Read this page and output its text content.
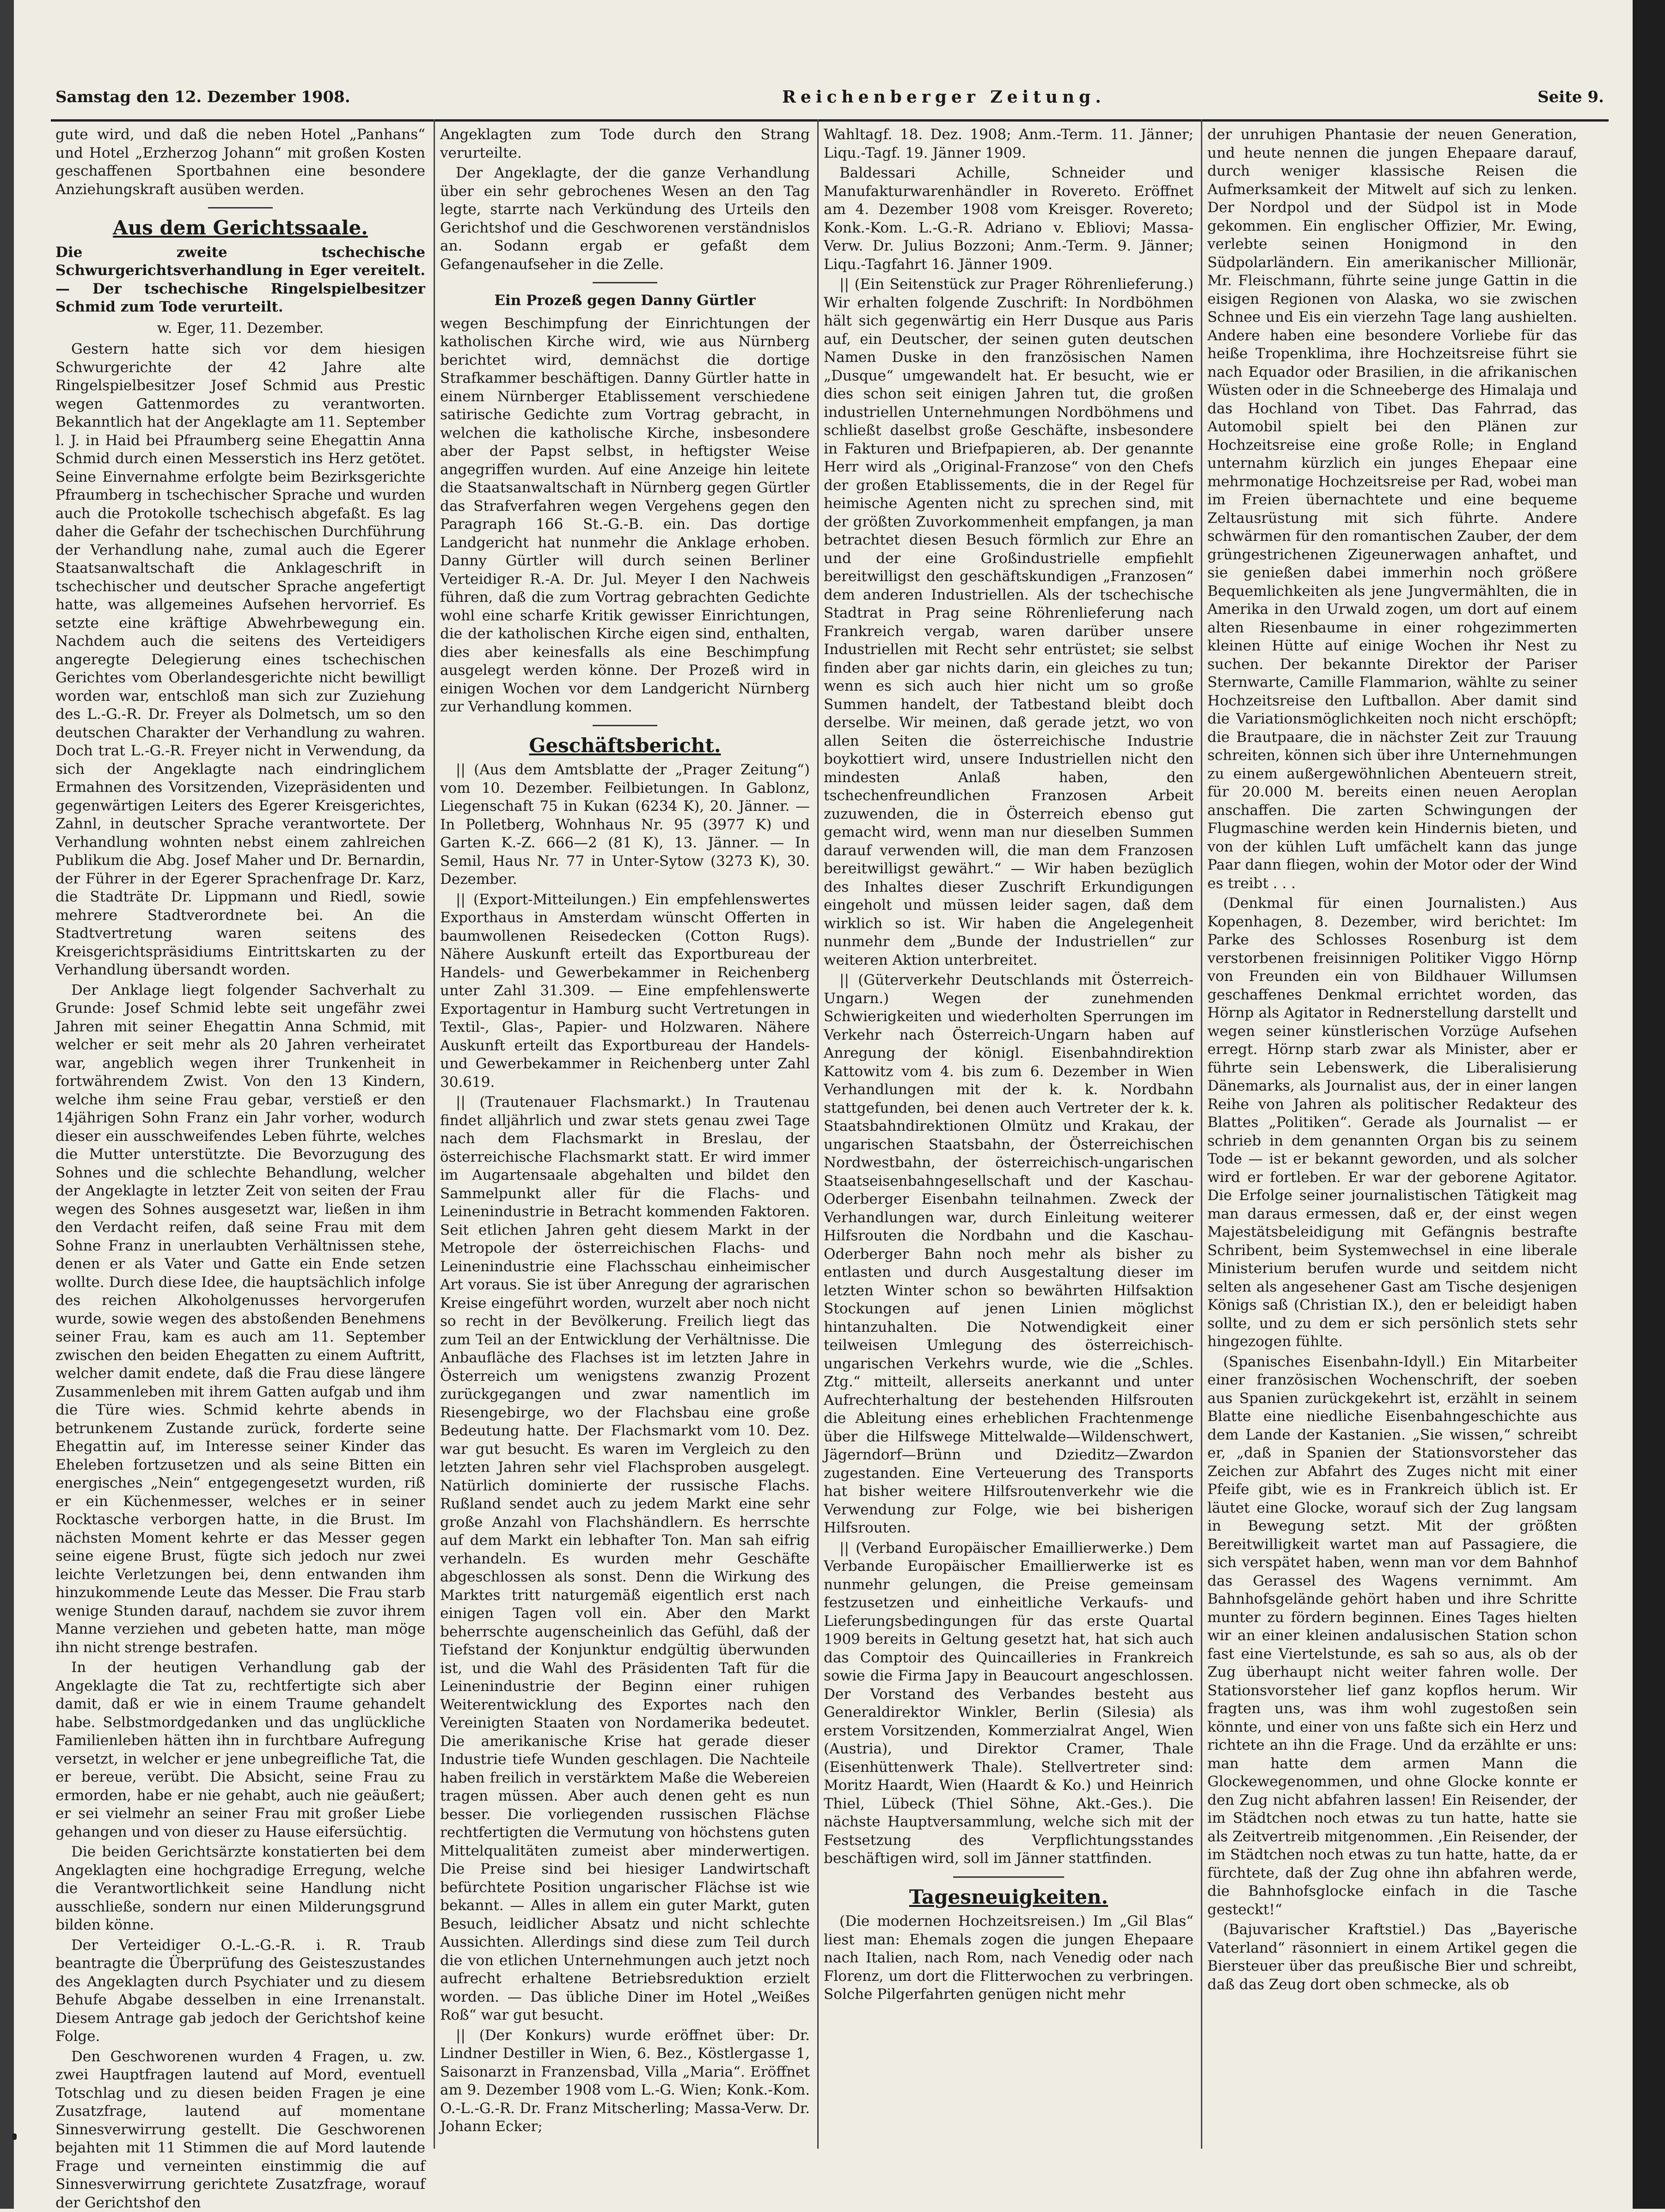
Samstag den 12. Dezember 1908.	Reichenberger Zeitung.	Seite 9.

gute wird, und daß die neben Hotel „Panhans“ und Hotel „Erzherzog Johann“ mit großen Kosten geschaffenen Sportbahnen eine besondere Anziehungskraft ausüben werden.

Aus dem Gerichtssaale.

Die zweite tschechische Schwurgerichtsverhandlung in Eger vereitelt. — Der tschechische Ringelspielbesitzer Schmid zum Tode verurteilt.

w. Eger, 11. Dezember.

Gestern hatte sich vor dem hiesigen Schwurgerichte der 42 Jahre alte Ringelspielbesitzer Josef Schmid aus Prestic wegen Gattenmordes zu verantworten. Bekanntlich hat der Angeklagte am 11. September l. J. in Haid bei Pfraumberg seine Ehegattin Anna Schmid durch einen Messerstich ins Herz getötet. Seine Einvernahme erfolgte beim Bezirksgerichte Pfraumberg in tschechischer Sprache und wurden auch die Protokolle tschechisch abgefaßt. Es lag daher die Gefahr der tschechischen Durchführung der Verhandlung nahe, zumal auch die Egerer Staatsanwaltschaft die Anklageschrift in tschechischer und deutscher Sprache angefertigt hatte, was allgemeines Aufsehen hervorrief. Es setzte eine kräftige Abwehrbewegung ein. Nachdem auch die seitens des Verteidigers angeregte Delegierung eines tschechischen Gerichtes vom Oberlandesgerichte nicht bewilligt worden war, entschloß man sich zur Zuziehung des L.-G.-R. Dr. Freyer als Dolmetsch, um so den deutschen Charakter der Verhandlung zu wahren. Doch trat L.-G.-R. Freyer nicht in Verwendung, da sich der Angeklagte nach eindringlichem Ermahnen des Vorsitzenden, Vizepräsidenten und gegenwärtigen Leiters des Egerer Kreisgerichtes, Zahnl, in deutscher Sprache verantwortete. Der Verhandlung wohnten nebst einem zahlreichen Publikum die Abg. Josef Maher und Dr. Bernardin, der Führer in der Egerer Sprachenfrage Dr. Karz, die Stadträte Dr. Lippmann und Riedl, sowie mehrere Stadtverordnete bei. An die Stadtvertretung waren seitens des Kreisgerichtspräsidiums Eintrittskarten zu der Verhandlung übersandt worden.

Der Anklage liegt folgender Sachverhalt zu Grunde: Josef Schmid lebte seit ungefähr zwei Jahren mit seiner Ehegattin Anna Schmid, mit welcher er seit mehr als 20 Jahren verheiratet war, angeblich wegen ihrer Trunkenheit in fortwährendem Zwist. Von den 13 Kindern, welche ihm seine Frau gebar, verstieß er den 14jährigen Sohn Franz ein Jahr vorher, wodurch dieser ein ausschweifendes Leben führte, welches die Mutter unterstützte. Die Bevorzugung des Sohnes und die schlechte Behandlung, welcher der Angeklagte in letzter Zeit von seiten der Frau wegen des Sohnes ausgesetzt war, ließen in ihm den Verdacht reifen, daß seine Frau mit dem Sohne Franz in unerlaubten Verhältnissen stehe, denen er als Vater und Gatte ein Ende setzen wollte. Durch diese Idee, die hauptsächlich infolge des reichen Alkoholgenusses hervorgerufen wurde, sowie wegen des abstoßenden Benehmens seiner Frau, kam es auch am 11. September zwischen den beiden Ehegatten zu einem Auftritt, welcher damit endete, daß die Frau diese längere Zusammenleben mit ihrem Gatten aufgab und ihm die Türe wies. Schmid kehrte abends in betrunkenem Zustande zurück, forderte seine Ehegattin auf, im Interesse seiner Kinder das Eheleben fortzusetzen und als seine Bitten ein energisches „Nein“ entgegengesetzt wurden, riß er ein Küchenmesser, welches er in seiner Rocktasche verborgen hatte, in die Brust. Im nächsten Moment kehrte er das Messer gegen seine eigene Brust, fügte sich jedoch nur zwei leichte Verletzungen bei, denn entwanden ihm hinzukommende Leute das Messer. Die Frau starb wenige Stunden darauf, nachdem sie zuvor ihrem Manne verziehen und gebeten hatte, man möge ihn nicht strenge bestrafen.

In der heutigen Verhandlung gab der Angeklagte die Tat zu, rechtfertigte sich aber damit, daß er wie in einem Traume gehandelt habe. Selbstmordgedanken und das unglückliche Familienleben hätten ihn in furchtbare Aufregung versetzt, in welcher er jene unbegreifliche Tat, die er bereue, verübt. Die Absicht, seine Frau zu ermorden, habe er nie gehabt, auch nie geäußert; er sei vielmehr an seiner Frau mit großer Liebe gehangen und von dieser zu Hause eifersüchtig.

Die beiden Gerichtsärzte konstatierten bei dem Angeklagten eine hochgradige Erregung, welche die Verantwortlichkeit seine Handlung nicht ausschließe, sondern nur einen Milderungsgrund bilden könne.

Der Verteidiger O.-L.-G.-R. i. R. Traub beantragte die Überprüfung des Geisteszustandes des Angeklagten durch Psychiater und zu diesem Behufe Abgabe desselben in eine Irrenanstalt. Diesem Antrage gab jedoch der Gerichtshof keine Folge.

Den Geschworenen wurden 4 Fragen, u. zw. zwei Hauptfragen lautend auf Mord, eventuell Totschlag und zu diesen beiden Fragen je eine Zusatzfrage, lautend auf momentane Sinnesverwirrung gestellt. Die Geschworenen bejahten mit 11 Stimmen die auf Mord lautende Frage und verneinten einstimmig die auf Sinnesverwirrung gerichtete Zusatzfrage, worauf der Gerichtshof den

Angeklagten zum Tode durch den Strang verurteilte.

Der Angeklagte, der die ganze Verhandlung über ein sehr gebrochenes Wesen an den Tag legte, starrte nach Verkündung des Urteils den Gerichtshof und die Geschworenen verständnislos an. Sodann ergab er gefaßt dem Gefangenaufseher in die Zelle.

Ein Prozeß gegen Danny Gürtler

wegen Beschimpfung der Einrichtungen der katholischen Kirche wird, wie aus Nürnberg berichtet wird, demnächst die dortige Strafkammer beschäftigen. Danny Gürtler hatte in einem Nürnberger Etablissement verschiedene satirische Gedichte zum Vortrag gebracht, in welchen die katholische Kirche, insbesondere aber der Papst selbst, in heftigster Weise angegriffen wurden. Auf eine Anzeige hin leitete die Staatsanwaltschaft in Nürnberg gegen Gürtler das Strafverfahren wegen Vergehens gegen den Paragraph 166 St.-G.-B. ein. Das dortige Landgericht hat nunmehr die Anklage erhoben. Danny Gürtler will durch seinen Berliner Verteidiger R.-A. Dr. Jul. Meyer I den Nachweis führen, daß die zum Vortrag gebrachten Gedichte wohl eine scharfe Kritik gewisser Einrichtungen, die der katholischen Kirche eigen sind, enthalten, dies aber keinesfalls als eine Beschimpfung ausgelegt werden könne. Der Prozeß wird in einigen Wochen vor dem Landgericht Nürnberg zur Verhandlung kommen.

Geschäftsbericht.

|| (Aus dem Amtsblatte der „Prager Zeitung“) vom 10. Dezember. Feilbietungen. In Gablonz, Liegenschaft 75 in Kukan (6234 K), 20. Jänner. — In Polletberg, Wohnhaus Nr. 95 (3977 K) und Garten K.-Z. 666—2 (81 K), 13. Jänner. — In Semil, Haus Nr. 77 in Unter-Sytow (3273 K), 30. Dezember.

|| (Export-Mitteilungen.) Ein empfehlenswertes Exporthaus in Amsterdam wünscht Offerten in baumwollenen Reisedecken (Cotton Rugs). Nähere Auskunft erteilt das Exportbureau der Handels- und Gewerbekammer in Reichenberg unter Zahl 31.309. — Eine empfehlenswerte Exportagentur in Hamburg sucht Vertretungen in Textil-, Glas-, Papier- und Holzwaren. Nähere Auskunft erteilt das Exportbureau der Handels- und Gewerbekammer in Reichenberg unter Zahl 30.619.

|| (Trautenauer Flachsmarkt.) In Trautenau findet alljährlich und zwar stets genau zwei Tage nach dem Flachsmarkt in Breslau, der österreichische Flachsmarkt statt. Er wird immer im Augartensaale abgehalten und bildet den Sammelpunkt aller für die Flachs- und Leinenindustrie in Betracht kommenden Faktoren. Seit etlichen Jahren geht diesem Markt in der Metropole der österreichischen Flachs- und Leinenindustrie eine Flachsschau einheimischer Art voraus. Sie ist über Anregung der agrarischen Kreise eingeführt worden, wurzelt aber noch nicht so recht in der Bevölkerung. Freilich liegt das zum Teil an der Entwicklung der Verhältnisse. Die Anbaufläche des Flachses ist im letzten Jahre in Österreich um wenigstens zwanzig Prozent zurückgegangen und zwar namentlich im Riesengebirge, wo der Flachsbau eine große Bedeutung hatte. Der Flachsmarkt vom 10. Dez. war gut besucht. Es waren im Vergleich zu den letzten Jahren sehr viel Flachsproben ausgelegt. Natürlich dominierte der russische Flachs. Rußland sendet auch zu jedem Markt eine sehr große Anzahl von Flachshändlern. Es herrschte auf dem Markt ein lebhafter Ton. Man sah eifrig verhandeln. Es wurden mehr Geschäfte abgeschlossen als sonst. Denn die Wirkung des Marktes tritt naturgemäß eigentlich erst nach einigen Tagen voll ein. Aber den Markt beherrschte augenscheinlich das Gefühl, daß der Tiefstand der Konjunktur endgültig überwunden ist, und die Wahl des Präsidenten Taft für die Leinenindustrie der Beginn einer ruhigen Weiterentwicklung des Exportes nach den Vereinigten Staaten von Nordamerika bedeutet. Die amerikanische Krise hat gerade dieser Industrie tiefe Wunden geschlagen. Die Nachteile haben freilich in verstärktem Maße die Webereien tragen müssen. Aber auch denen geht es nun besser. Die vorliegenden russischen Flächse rechtfertigten die Vermutung von höchstens guten Mittelqualitäten zumeist aber minderwertigen. Die Preise sind bei hiesiger Landwirtschaft befürchtete Position ungarischer Flächse ist wie bekannt. — Alles in allem ein guter Markt, guten Besuch, leidlicher Absatz und nicht schlechte Aussichten. Allerdings sind diese zum Teil durch die von etlichen Unternehmungen auch jetzt noch aufrecht erhaltene Betriebsreduktion erzielt worden. — Das übliche Diner im Hotel „Weißes Roß“ war gut besucht.

|| (Der Konkurs) wurde eröffnet über: Dr. Lindner Destiller in Wien, 6. Bez., Köstlergasse 1, Saisonarzt in Franzensbad, Villa „Maria“. Eröffnet am 9. Dezember 1908 vom L.-G. Wien; Konk.-Kom. O.-L.-G.-R. Dr. Franz Mitscherling; Massa-Verw. Dr. Johann Ecker;

Wahltagf. 18. Dez. 1908; Anm.-Term. 11. Jänner; Liqu.-Tagf. 19. Jänner 1909.

Baldessari Achille, Schneider und Manufakturwarenhändler in Rovereto. Eröffnet am 4. Dezember 1908 vom Kreisger. Rovereto; Konk.-Kom. L.-G.-R. Adriano v. Ebliovi; Massa-Verw. Dr. Julius Bozzoni; Anm.-Term. 9. Jänner; Liqu.-Tagfahrt 16. Jänner 1909.

|| (Ein Seitenstück zur Prager Röhrenlieferung.) Wir erhalten folgende Zuschrift: In Nordböhmen hält sich gegenwärtig ein Herr Dusque aus Paris auf, ein Deutscher, der seinen guten deutschen Namen Duske in den französischen Namen „Dusque“ umgewandelt hat. Er besucht, wie er dies schon seit einigen Jahren tut, die großen industriellen Unternehmungen Nordböhmens und schließt daselbst große Geschäfte, insbesondere in Fakturen und Briefpapieren, ab. Der genannte Herr wird als „Original-Franzose“ von den Chefs der großen Etablissements, die in der Regel für heimische Agenten nicht zu sprechen sind, mit der größten Zuvorkommenheit empfangen, ja man betrachtet diesen Besuch förmlich zur Ehre an und der eine Großindustrielle empfiehlt bereitwilligst den geschäftskundigen „Franzosen“ dem anderen Industriellen. Als der tschechische Stadtrat in Prag seine Röhrenlieferung nach Frankreich vergab, waren darüber unsere Industriellen mit Recht sehr entrüstet; sie selbst finden aber gar nichts darin, ein gleiches zu tun; wenn es sich auch hier nicht um so große Summen handelt, der Tatbestand bleibt doch derselbe. Wir meinen, daß gerade jetzt, wo von allen Seiten die österreichische Industrie boykottiert wird, unsere Industriellen nicht den mindesten Anlaß haben, den tschechenfreundlichen Franzosen Arbeit zuzuwenden, die in Österreich ebenso gut gemacht wird, wenn man nur dieselben Summen darauf verwenden will, die man dem Franzosen bereitwilligst gewährt.“ — Wir haben bezüglich des Inhaltes dieser Zuschrift Erkundigungen eingeholt und müssen leider sagen, daß dem wirklich so ist. Wir haben die Angelegenheit nunmehr dem „Bunde der Industriellen“ zur weiteren Aktion unterbreitet.

|| (Güterverkehr Deutschlands mit Österreich-Ungarn.) Wegen der zunehmenden Schwierigkeiten und wiederholten Sperrungen im Verkehr nach Österreich-Ungarn haben auf Anregung der königl. Eisenbahndirektion Kattowitz vom 4. bis zum 6. Dezember in Wien Verhandlungen mit der k. k. Nordbahn stattgefunden, bei denen auch Vertreter der k. k. Staatsbahndirektionen Olmütz und Krakau, der ungarischen Staatsbahn, der Österreichischen Nordwestbahn, der österreichisch-ungarischen Staatseisenbahngesellschaft und der Kaschau-Oderberger Eisenbahn teilnahmen. Zweck der Verhandlungen war, durch Einleitung weiterer Hilfsrouten die Nordbahn und die Kaschau-Oderberger Bahn noch mehr als bisher zu entlasten und durch Ausgestaltung dieser im letzten Winter schon so bewährten Hilfsaktion Stockungen auf jenen Linien möglichst hintanzuhalten. Die Notwendigkeit einer teilweisen Umlegung des österreichisch-ungarischen Verkehrs wurde, wie die „Schles. Ztg.“ mitteilt, allerseits anerkannt und unter Aufrechterhaltung der bestehenden Hilfsrouten die Ableitung eines erheblichen Frachtenmenge über die Hilfswege Mittelwalde—Wildenschwert, Jägerndorf—Brünn und Dzieditz—Zwardon zugestanden. Eine Verteuerung des Transports hat bisher weitere Hilfsroutenverkehr wie die Verwendung zur Folge, wie bei bisherigen Hilfsrouten.

|| (Verband Europäischer Emaillierwerke.) Dem Verbande Europäischer Emaillierwerke ist es nunmehr gelungen, die Preise gemeinsam festzusetzen und einheitliche Verkaufs- und Lieferungsbedingungen für das erste Quartal 1909 bereits in Geltung gesetzt hat, hat sich auch das Comptoir des Quincailleries in Frankreich sowie die Firma Japy in Beaucourt angeschlossen. Der Vorstand des Verbandes besteht aus Generaldirektor Winkler, Berlin (Silesia) als erstem Vorsitzenden, Kommerzialrat Angel, Wien (Austria), und Direktor Cramer, Thale (Eisenhüttenwerk Thale). Stellvertreter sind: Moritz Haardt, Wien (Haardt & Ko.) und Heinrich Thiel, Lübeck (Thiel Söhne, Akt.-Ges.). Die nächste Hauptversammlung, welche sich mit der Festsetzung des Verpflichtungsstandes beschäftigen wird, soll im Jänner stattfinden.

Tagesneuigkeiten.

(Die modernen Hochzeitsreisen.) Im „Gil Blas“ liest man: Ehemals zogen die jungen Ehepaare nach Italien, nach Rom, nach Venedig oder nach Florenz, um dort die Flitterwochen zu verbringen. Solche Pilgerfahrten genügen nicht mehr

der unruhigen Phantasie der neuen Generation, und heute nennen die jungen Ehepaare darauf, durch weniger klassische Reisen die Aufmerksamkeit der Mitwelt auf sich zu lenken. Der Nordpol und der Südpol ist in Mode gekommen. Ein englischer Offizier, Mr. Ewing, verlebte seinen Honigmond in den Südpolarländern. Ein amerikanischer Millionär, Mr. Fleischmann, führte seine junge Gattin in die eisigen Regionen von Alaska, wo sie zwischen Schnee und Eis ein vierzehn Tage lang aushielten. Andere haben eine besondere Vorliebe für das heiße Tropenklima, ihre Hochzeitsreise führt sie nach Equador oder Brasilien, in die afrikanischen Wüsten oder in die Schneeberge des Himalaja und das Hochland von Tibet. Das Fahrrad, das Automobil spielt bei den Plänen zur Hochzeitsreise eine große Rolle; in England unternahm kürzlich ein junges Ehepaar eine mehrmonatige Hochzeitsreise per Rad, wobei man im Freien übernachtete und eine bequeme Zeltausrüstung mit sich führte. Andere schwärmen für den romantischen Zauber, der dem grüngestrichenen Zigeunerwagen anhaftet, und sie genießen dabei immerhin noch größere Bequemlichkeiten als jene Jungvermählten, die in Amerika in den Urwald zogen, um dort auf einem alten Riesenbaume in einer rohgezimmerten kleinen Hütte auf einige Wochen ihr Nest zu suchen. Der bekannte Direktor der Pariser Sternwarte, Camille Flammarion, wählte zu seiner Hochzeitsreise den Luftballon. Aber damit sind die Variationsmöglichkeiten noch nicht erschöpft; die Brautpaare, die in nächster Zeit zur Trauung schreiten, können sich über ihre Unternehmungen zu einem außergewöhnlichen Abenteuern streit, für 20.000 M. bereits einen neuen Aeroplan anschaffen. Die zarten Schwingungen der Flugmaschine werden kein Hindernis bieten, und von der kühlen Luft umfächelt kann das junge Paar dann fliegen, wohin der Motor oder der Wind es treibt . . .

(Denkmal für einen Journalisten.) Aus Kopenhagen, 8. Dezember, wird berichtet: Im Parke des Schlosses Rosenburg ist dem verstorbenen freisinnigen Politiker Viggo Hörnp von Freunden ein von Bildhauer Willumsen geschaffenes Denkmal errichtet worden, das Hörnp als Agitator in Rednerstellung darstellt und wegen seiner künstlerischen Vorzüge Aufsehen erregt. Hörnp starb zwar als Minister, aber er führte sein Lebenswerk, die Liberalisierung Dänemarks, als Journalist aus, der in einer langen Reihe von Jahren als politischer Redakteur des Blattes „Politiken“. Gerade als Journalist — er schrieb in dem genannten Organ bis zu seinem Tode — ist er bekannt geworden, und als solcher wird er fortleben. Er war der geborene Agitator. Die Erfolge seiner journalistischen Tätigkeit mag man daraus ermessen, daß er, der einst wegen Majestätsbeleidigung mit Gefängnis bestrafte Schribent, beim Systemwechsel in eine liberale Ministerium berufen wurde und seitdem nicht selten als angesehener Gast am Tische desjenigen Königs saß (Christian IX.), den er beleidigt haben sollte, und zu dem er sich persönlich stets sehr hingezogen fühlte.

(Spanisches Eisenbahn-Idyll.) Ein Mitarbeiter einer französischen Wochenschrift, der soeben aus Spanien zurückgekehrt ist, erzählt in seinem Blatte eine niedliche Eisenbahngeschichte aus dem Lande der Kastanien. „Sie wissen,“ schreibt er, „daß in Spanien der Stationsvorsteher das Zeichen zur Abfahrt des Zuges nicht mit einer Pfeife gibt, wie es in Frankreich üblich ist. Er läutet eine Glocke, worauf sich der Zug langsam in Bewegung setzt. Mit der größten Bereitwilligkeit wartet man auf Passagiere, die sich verspätet haben, wenn man vor dem Bahnhof das Gerassel des Wagens vernimmt. Am Bahnhofsgelände gehört haben und ihre Schritte munter zu fördern beginnen. Eines Tages hielten wir an einer kleinen andalusischen Station schon fast eine Viertelstunde, es sah so aus, als ob der Zug überhaupt nicht weiter fahren wolle. Der Stationsvorsteher lief ganz kopflos herum. Wir fragten uns, was ihm wohl zugestoßen sein könnte, und einer von uns faßte sich ein Herz und richtete an ihn die Frage. Und da erzählte er uns: man hatte dem armen Mann die Glockewegenommen, und ohne Glocke konnte er den Zug nicht abfahren lassen! Ein Reisender, der im Städtchen noch etwas zu tun hatte, hatte sie als Zeitvertreib mitgenommen. ‚Ein Reisender, der im Städtchen noch etwas zu tun hatte, hatte, da er fürchtete, daß der Zug ohne ihn abfahren werde, die Bahnhofsglocke einfach in die Tasche gesteckt!“

(Bajuvarischer Kraftstiel.) Das „Bayerische Vaterland“ räsonniert in einem Artikel gegen die Biersteuer über das preußische Bier und schreibt, daß das Zeug dort oben schmecke, als ob
